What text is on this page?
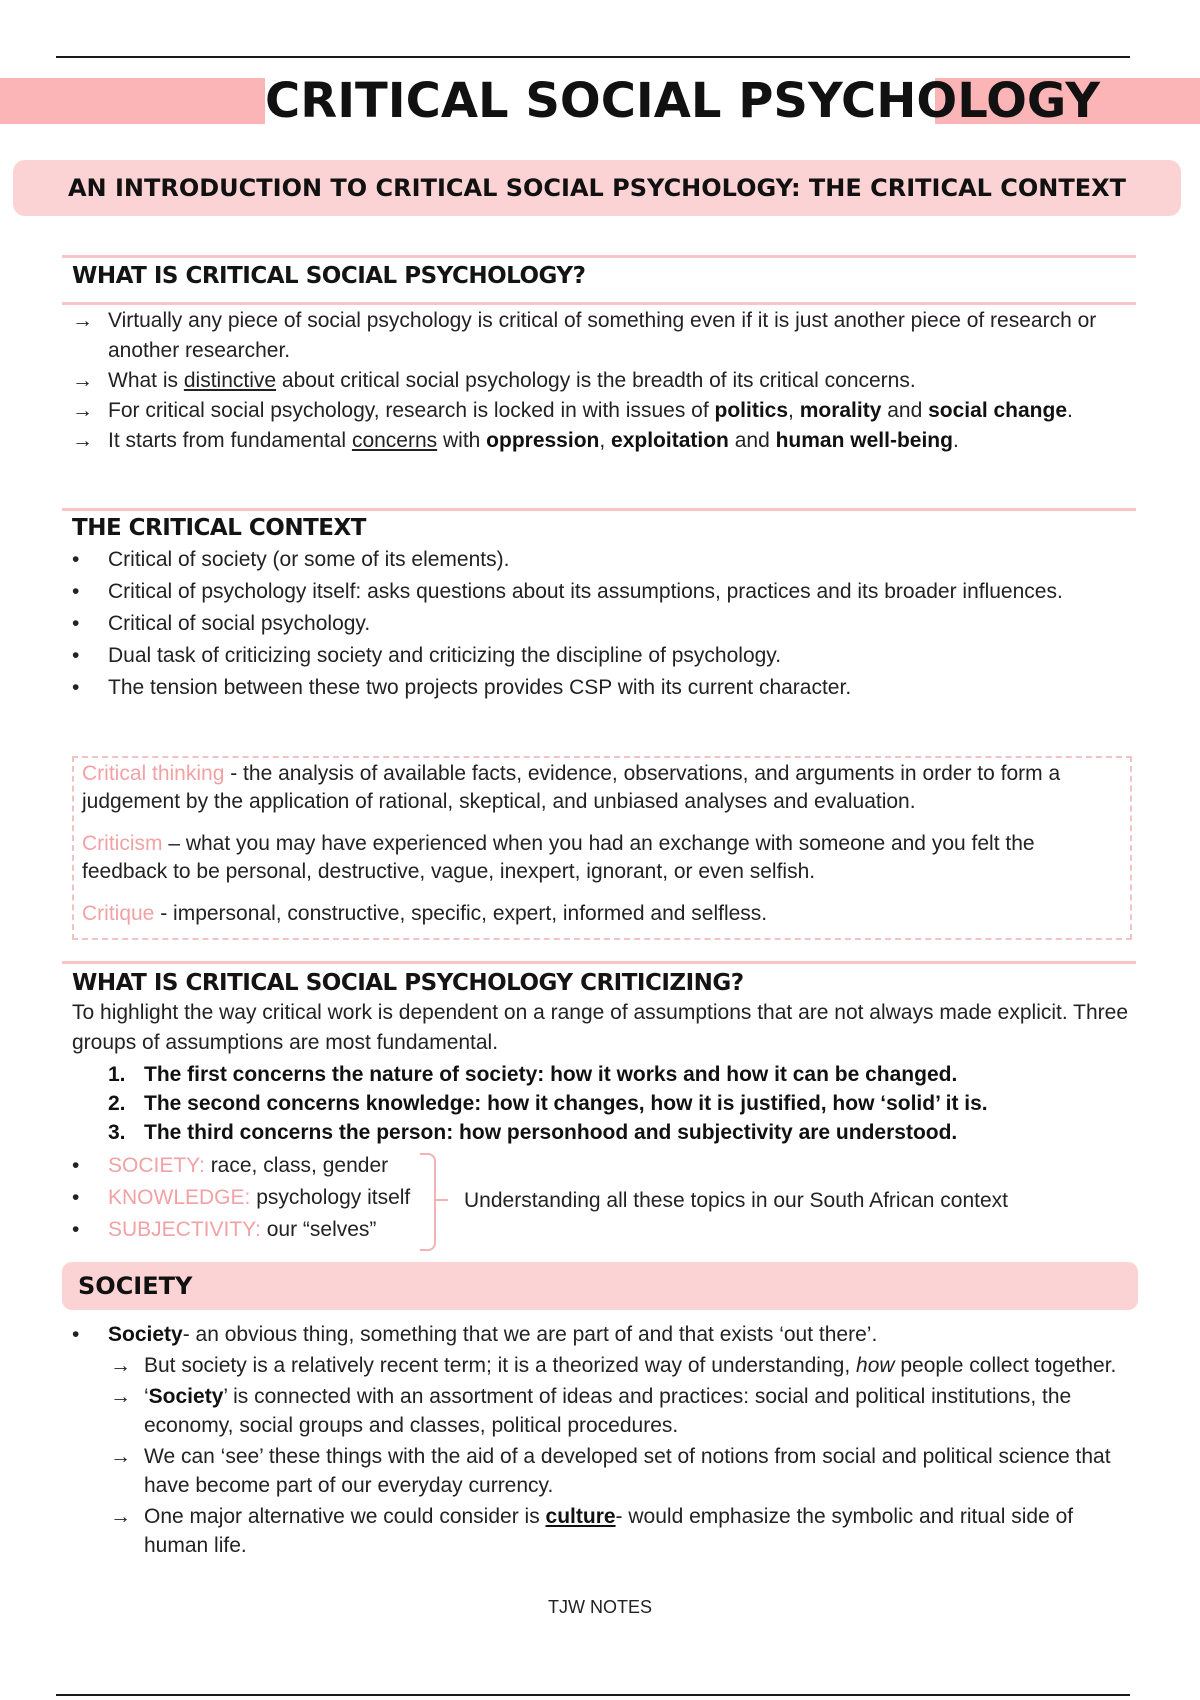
CRITICAL SOCIAL PSYCHOLOGY
AN INTRODUCTION TO CRITICAL SOCIAL PSYCHOLOGY: THE CRITICAL CONTEXT
WHAT IS CRITICAL SOCIAL PSYCHOLOGY?
→ Virtually any piece of social psychology is critical of something even if it is just another piece of research or another researcher.
→ What is distinctive about critical social psychology is the breadth of its critical concerns.
→ For critical social psychology, research is locked in with issues of politics, morality and social change.
→ It starts from fundamental concerns with oppression, exploitation and human well-being.
THE CRITICAL CONTEXT
•	Critical of society (or some of its elements).
•	Critical of psychology itself: asks questions about its assumptions, practices and its broader influences.
•	Critical of social psychology.
•	Dual task of criticizing society and criticizing the discipline of psychology.
•	The tension between these two projects provides CSP with its current character.
Critical thinking - the analysis of available facts, evidence, observations, and arguments in order to form a judgement by the application of rational, skeptical, and unbiased analyses and evaluation.
Criticism – what you may have experienced when you had an exchange with someone and you felt the feedback to be personal, destructive, vague, inexpert, ignorant, or even selfish.
Critique - impersonal, constructive, specific, expert, informed and selfless.
WHAT IS CRITICAL SOCIAL PSYCHOLOGY CRITICIZING?
To highlight the way critical work is dependent on a range of assumptions that are not always made explicit. Three groups of assumptions are most fundamental.
1. The first concerns the nature of society: how it works and how it can be changed.
2. The second concerns knowledge: how it changes, how it is justified, how ‘solid’ it is.
3. The third concerns the person: how personhood and subjectivity are understood.
•	SOCIETY: race, class, gender
•	KNOWLEDGE: psychology itself
•	SUBJECTIVITY: our “selves”
Understanding all these topics in our South African context
SOCIETY
•	Society- an obvious thing, something that we are part of and that exists ‘out there’.
→ But society is a relatively recent term; it is a theorized way of understanding, how people collect together.
→ ‘Society’ is connected with an assortment of ideas and practices: social and political institutions, the economy, social groups and classes, political procedures.
→ We can ‘see’ these things with the aid of a developed set of notions from social and political science that have become part of our everyday currency.
→ One major alternative we could consider is culture- would emphasize the symbolic and ritual side of human life.
TJW NOTES
